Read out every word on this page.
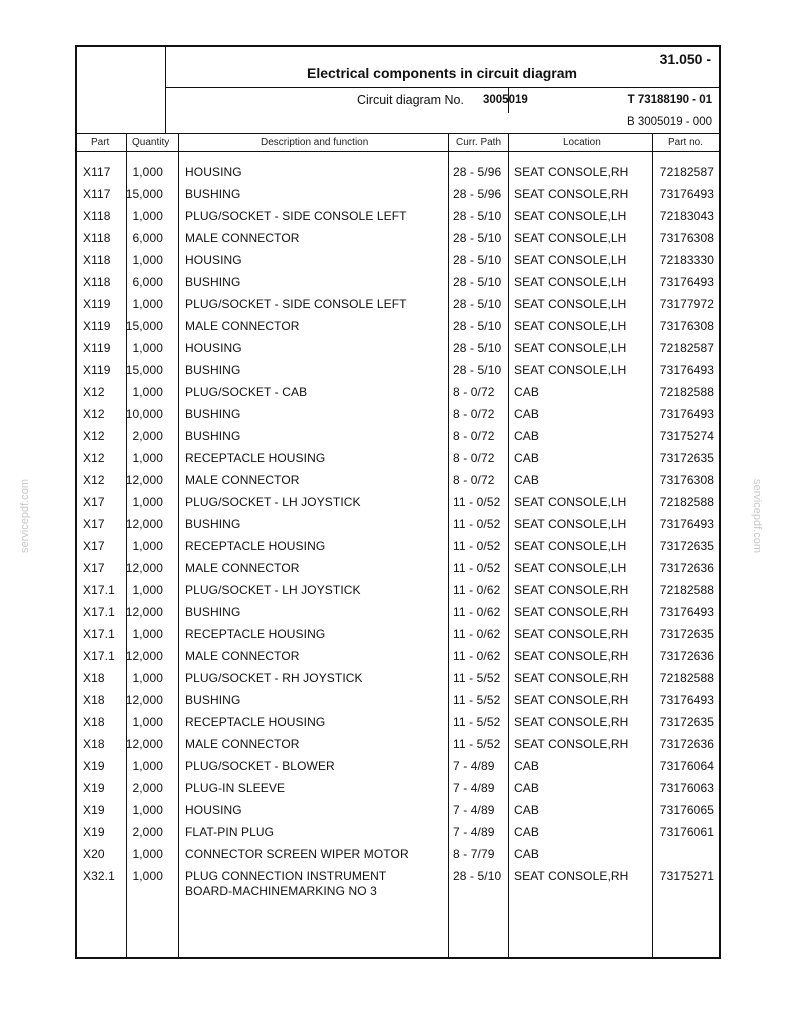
servicepdf.com	servicepdf.com
31.050 -
Electrical components in circuit diagram
Circuit diagram No. 3005019	T 73188190 - 01
B 3005019 - 000
Part Quantity	Description and function	Curr. Path	Location	Part no.
X117 1,000 HOUSING	28 - 5/96 SEAT CONSOLE,RH	72182587
X117 15,000 BUSHING	28 - 5/96 SEAT CONSOLE,RH	73176493
X118 1,000 PLUG/SOCKET - SIDE CONSOLE LEFT	28 - 5/10 SEAT CONSOLE,LH	72183043
X118 6,000 MALE CONNECTOR	28 - 5/10 SEAT CONSOLE,LH	73176308
X118 1,000 HOUSING	28 - 5/10 SEAT CONSOLE,LH	72183330
X118 6,000 BUSHING	28 - 5/10 SEAT CONSOLE,LH	73176493
X119 1,000 PLUG/SOCKET - SIDE CONSOLE LEFT	28 - 5/10 SEAT CONSOLE,LH	73177972
X119 15,000 MALE CONNECTOR	28 - 5/10 SEAT CONSOLE,LH	73176308
X119 1,000 HOUSING	28 - 5/10 SEAT CONSOLE,LH	72182587
X119 15,000 BUSHING	28 - 5/10 SEAT CONSOLE,LH	73176493
X12 1,000 PLUG/SOCKET - CAB	8 - 0/72 CAB	72182588
X12 10,000 BUSHING	8 - 0/72 CAB	73176493
X12 2,000 BUSHING	8 - 0/72 CAB	73175274
X12 1,000 RECEPTACLE HOUSING	8 - 0/72 CAB	73172635
X12 12,000 MALE CONNECTOR	8 - 0/72 CAB	73176308
X17 1,000 PLUG/SOCKET - LH JOYSTICK	11 - 0/52 SEAT CONSOLE,LH	72182588
X17 12,000 BUSHING	11 - 0/52 SEAT CONSOLE,LH	73176493
X17 1,000 RECEPTACLE HOUSING	11 - 0/52 SEAT CONSOLE,LH	73172635
X17 12,000 MALE CONNECTOR	11 - 0/52 SEAT CONSOLE,LH	73172636
X17.1 1,000 PLUG/SOCKET - LH JOYSTICK	11 - 0/62 SEAT CONSOLE,RH	72182588
X17.1 12,000 BUSHING	11 - 0/62 SEAT CONSOLE,RH	73176493
X17.1 1,000 RECEPTACLE HOUSING	11 - 0/62 SEAT CONSOLE,RH	73172635
X17.1 12,000 MALE CONNECTOR	11 - 0/62 SEAT CONSOLE,RH	73172636
X18 1,000 PLUG/SOCKET - RH JOYSTICK	11 - 5/52 SEAT CONSOLE,RH	72182588
X18 12,000 BUSHING	11 - 5/52 SEAT CONSOLE,RH	73176493
X18 1,000 RECEPTACLE HOUSING	11 - 5/52 SEAT CONSOLE,RH	73172635
X18 12,000 MALE CONNECTOR	11 - 5/52 SEAT CONSOLE,RH	73172636
X19 1,000 PLUG/SOCKET - BLOWER	7 - 4/89 CAB	73176064
X19 2,000 PLUG-IN SLEEVE	7 - 4/89 CAB	73176063
X19 1,000 HOUSING	7 - 4/89 CAB	73176065
X19 2,000 FLAT-PIN PLUG	7 - 4/89 CAB	73176061
X20 1,000 CONNECTOR SCREEN WIPER MOTOR	8 - 7/79 CAB
X32.1 1,000 PLUG CONNECTION INSTRUMENT	28 - 5/10 SEAT CONSOLE,RH	73175271
BOARD-MACHINEMARKING NO 3
